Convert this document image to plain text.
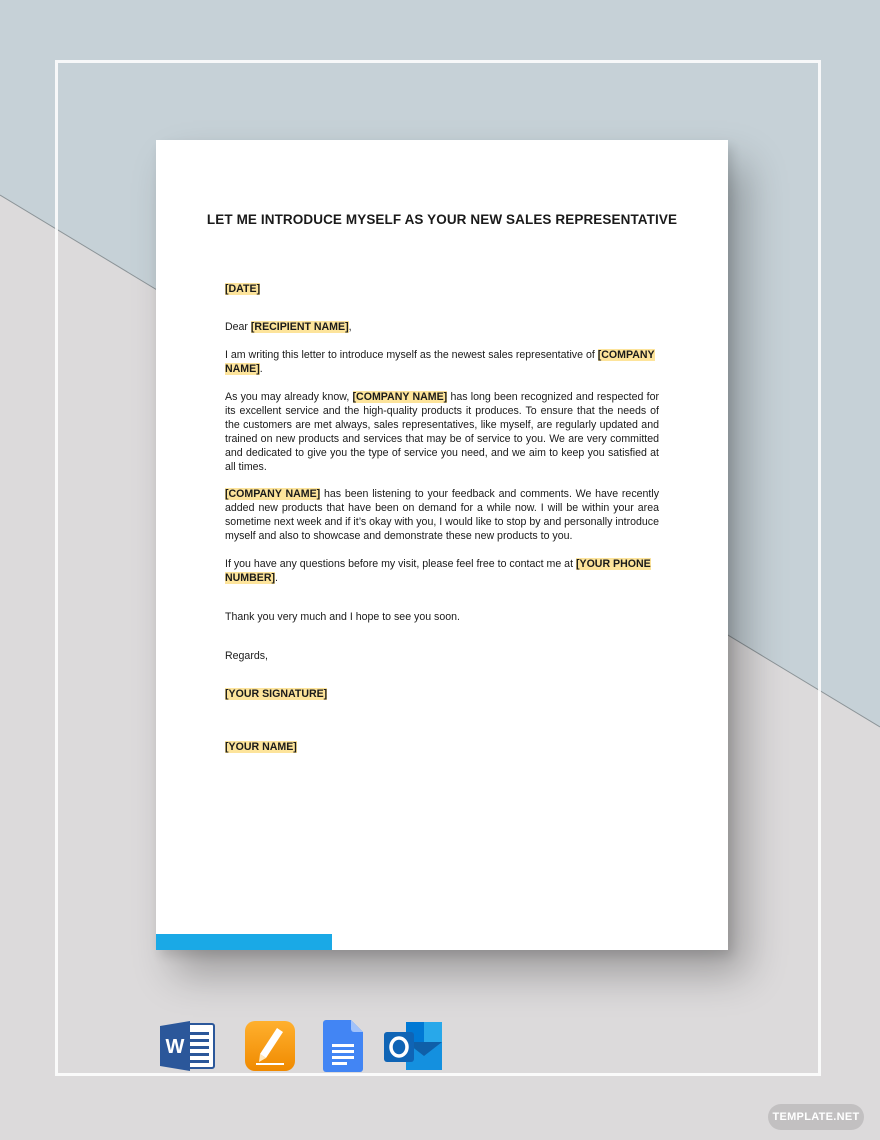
LET ME INTRODUCE MYSELF AS YOUR NEW SALES REPRESENTATIVE
[DATE]
Dear [RECIPIENT NAME],
I am writing this letter to introduce myself as the newest sales representative of [COMPANY NAME].
As you may already know, [COMPANY NAME] has long been recognized and respected for its excellent service and the high-quality products it produces. To ensure that the needs of the customers are met always, sales representatives, like myself, are regularly updated and trained on new products and services that may be of service to you. We are very committed and dedicated to give you the type of service you need, and we aim to keep you satisfied at all times.
[COMPANY NAME] has been listening to your feedback and comments. We have recently added new products that have been on demand for a while now. I will be within your area sometime next week and if it’s okay with you, I would like to stop by and personally introduce myself and also to showcase and demonstrate these new products to you.
If you have any questions before my visit, please feel free to contact me at [YOUR PHONE NUMBER].
Thank you very much and I hope to see you soon.
Regards,
[YOUR SIGNATURE]
[YOUR NAME]
W
TEMPLATE.NET
